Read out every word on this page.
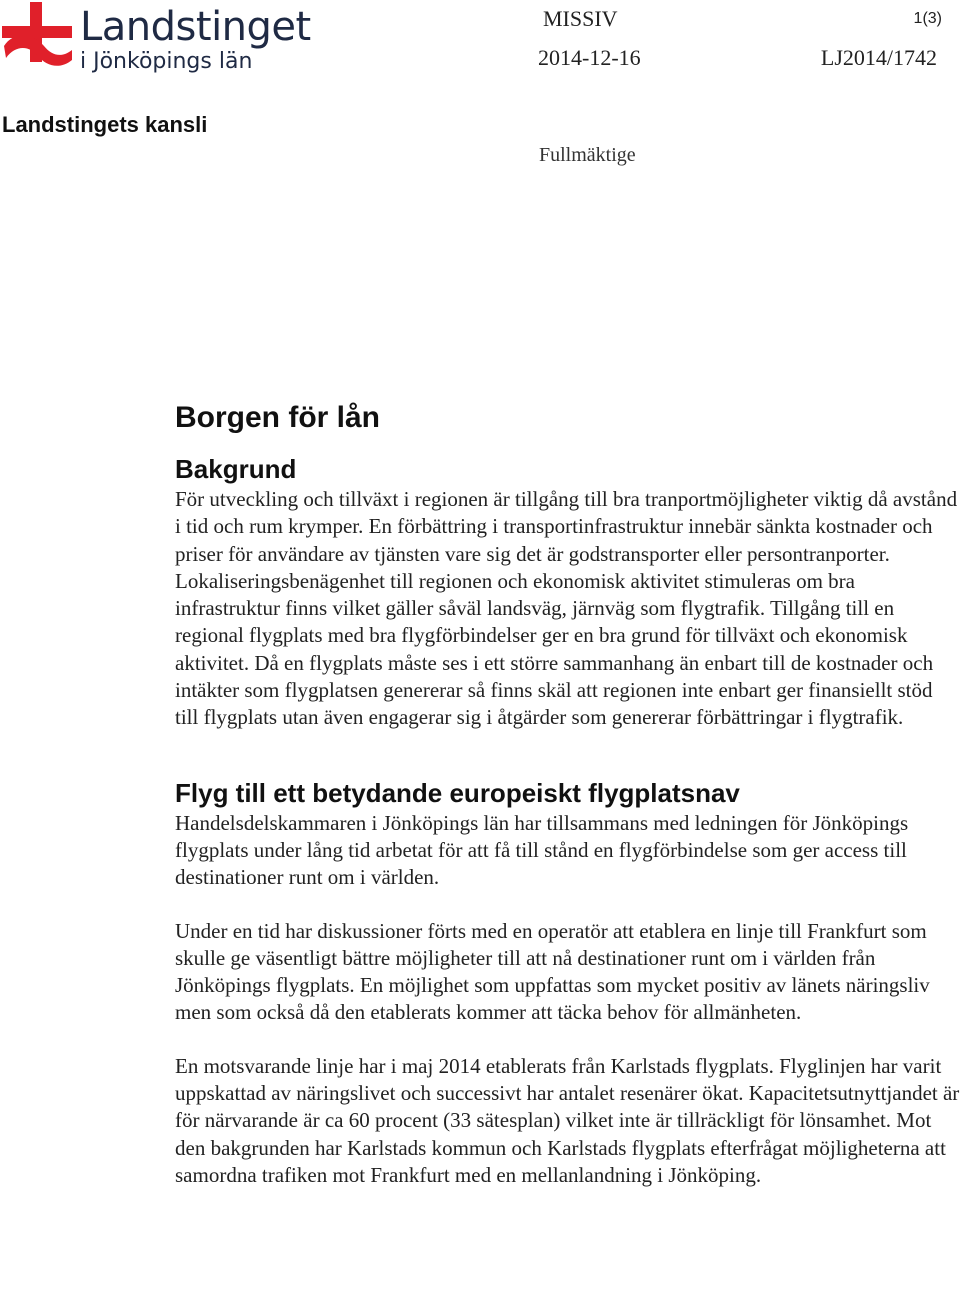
Landstinget
i Jönköpings län
MISSIV	1(3)
2014-12-16	LJ2014/1742
Landstingets kansli
Fullmäktige
Borgen för lån
Bakgrund

För utveckling och tillväxt i regionen är tillgång till bra tranportmöjligheter viktig då avstånd i tid och rum krymper. En förbättring i transportinfrastruktur innebär sänkta kostnader och priser för användare av tjänsten vare sig det är godstransporter eller persontranporter. Lokaliseringsbenägenhet till regionen och ekonomisk aktivitet stimuleras om bra infrastruktur finns vilket gäller såväl landsväg, järnväg som flygtrafik. Tillgång till en regional flygplats med bra flygförbindelser ger en bra grund för tillväxt och ekonomisk aktivitet. Då en flygplats måste ses i ett större sammanhang än enbart till de kostnader och intäkter som flygplatsen genererar så finns skäl att regionen inte enbart ger finansiellt stöd till flygplats utan även engagerar sig i åtgärder som genererar förbättringar i flygtrafik.

Flyg till ett betydande europeiskt flygplatsnav

Handelsdelskammaren i Jönköpings län har tillsammans med ledningen för Jönköpings flygplats under lång tid arbetat för att få till stånd en flygförbindelse som ger access till destinationer runt om i världen.

Under en tid har diskussioner förts med en operatör att etablera en linje till Frankfurt som skulle ge väsentligt bättre möjligheter till att nå destinationer runt om i världen från Jönköpings flygplats. En möjlighet som uppfattas som mycket positiv av länets näringsliv men som också då den etablerats kommer att täcka behov för allmänheten.

En motsvarande linje har i maj 2014 etablerats från Karlstads flygplats. Flyglinjen har varit uppskattad av näringslivet och successivt har antalet resenärer ökat. Kapacitetsutnyttjandet är för närvarande är ca 60 procent (33 sätesplan) vilket inte är tillräckligt för lönsamhet. Mot den bakgrunden har Karlstads kommun och Karlstads flygplats efterfrågat möjligheterna att samordna trafiken mot Frankfurt med en mellanlandning i Jönköping.
